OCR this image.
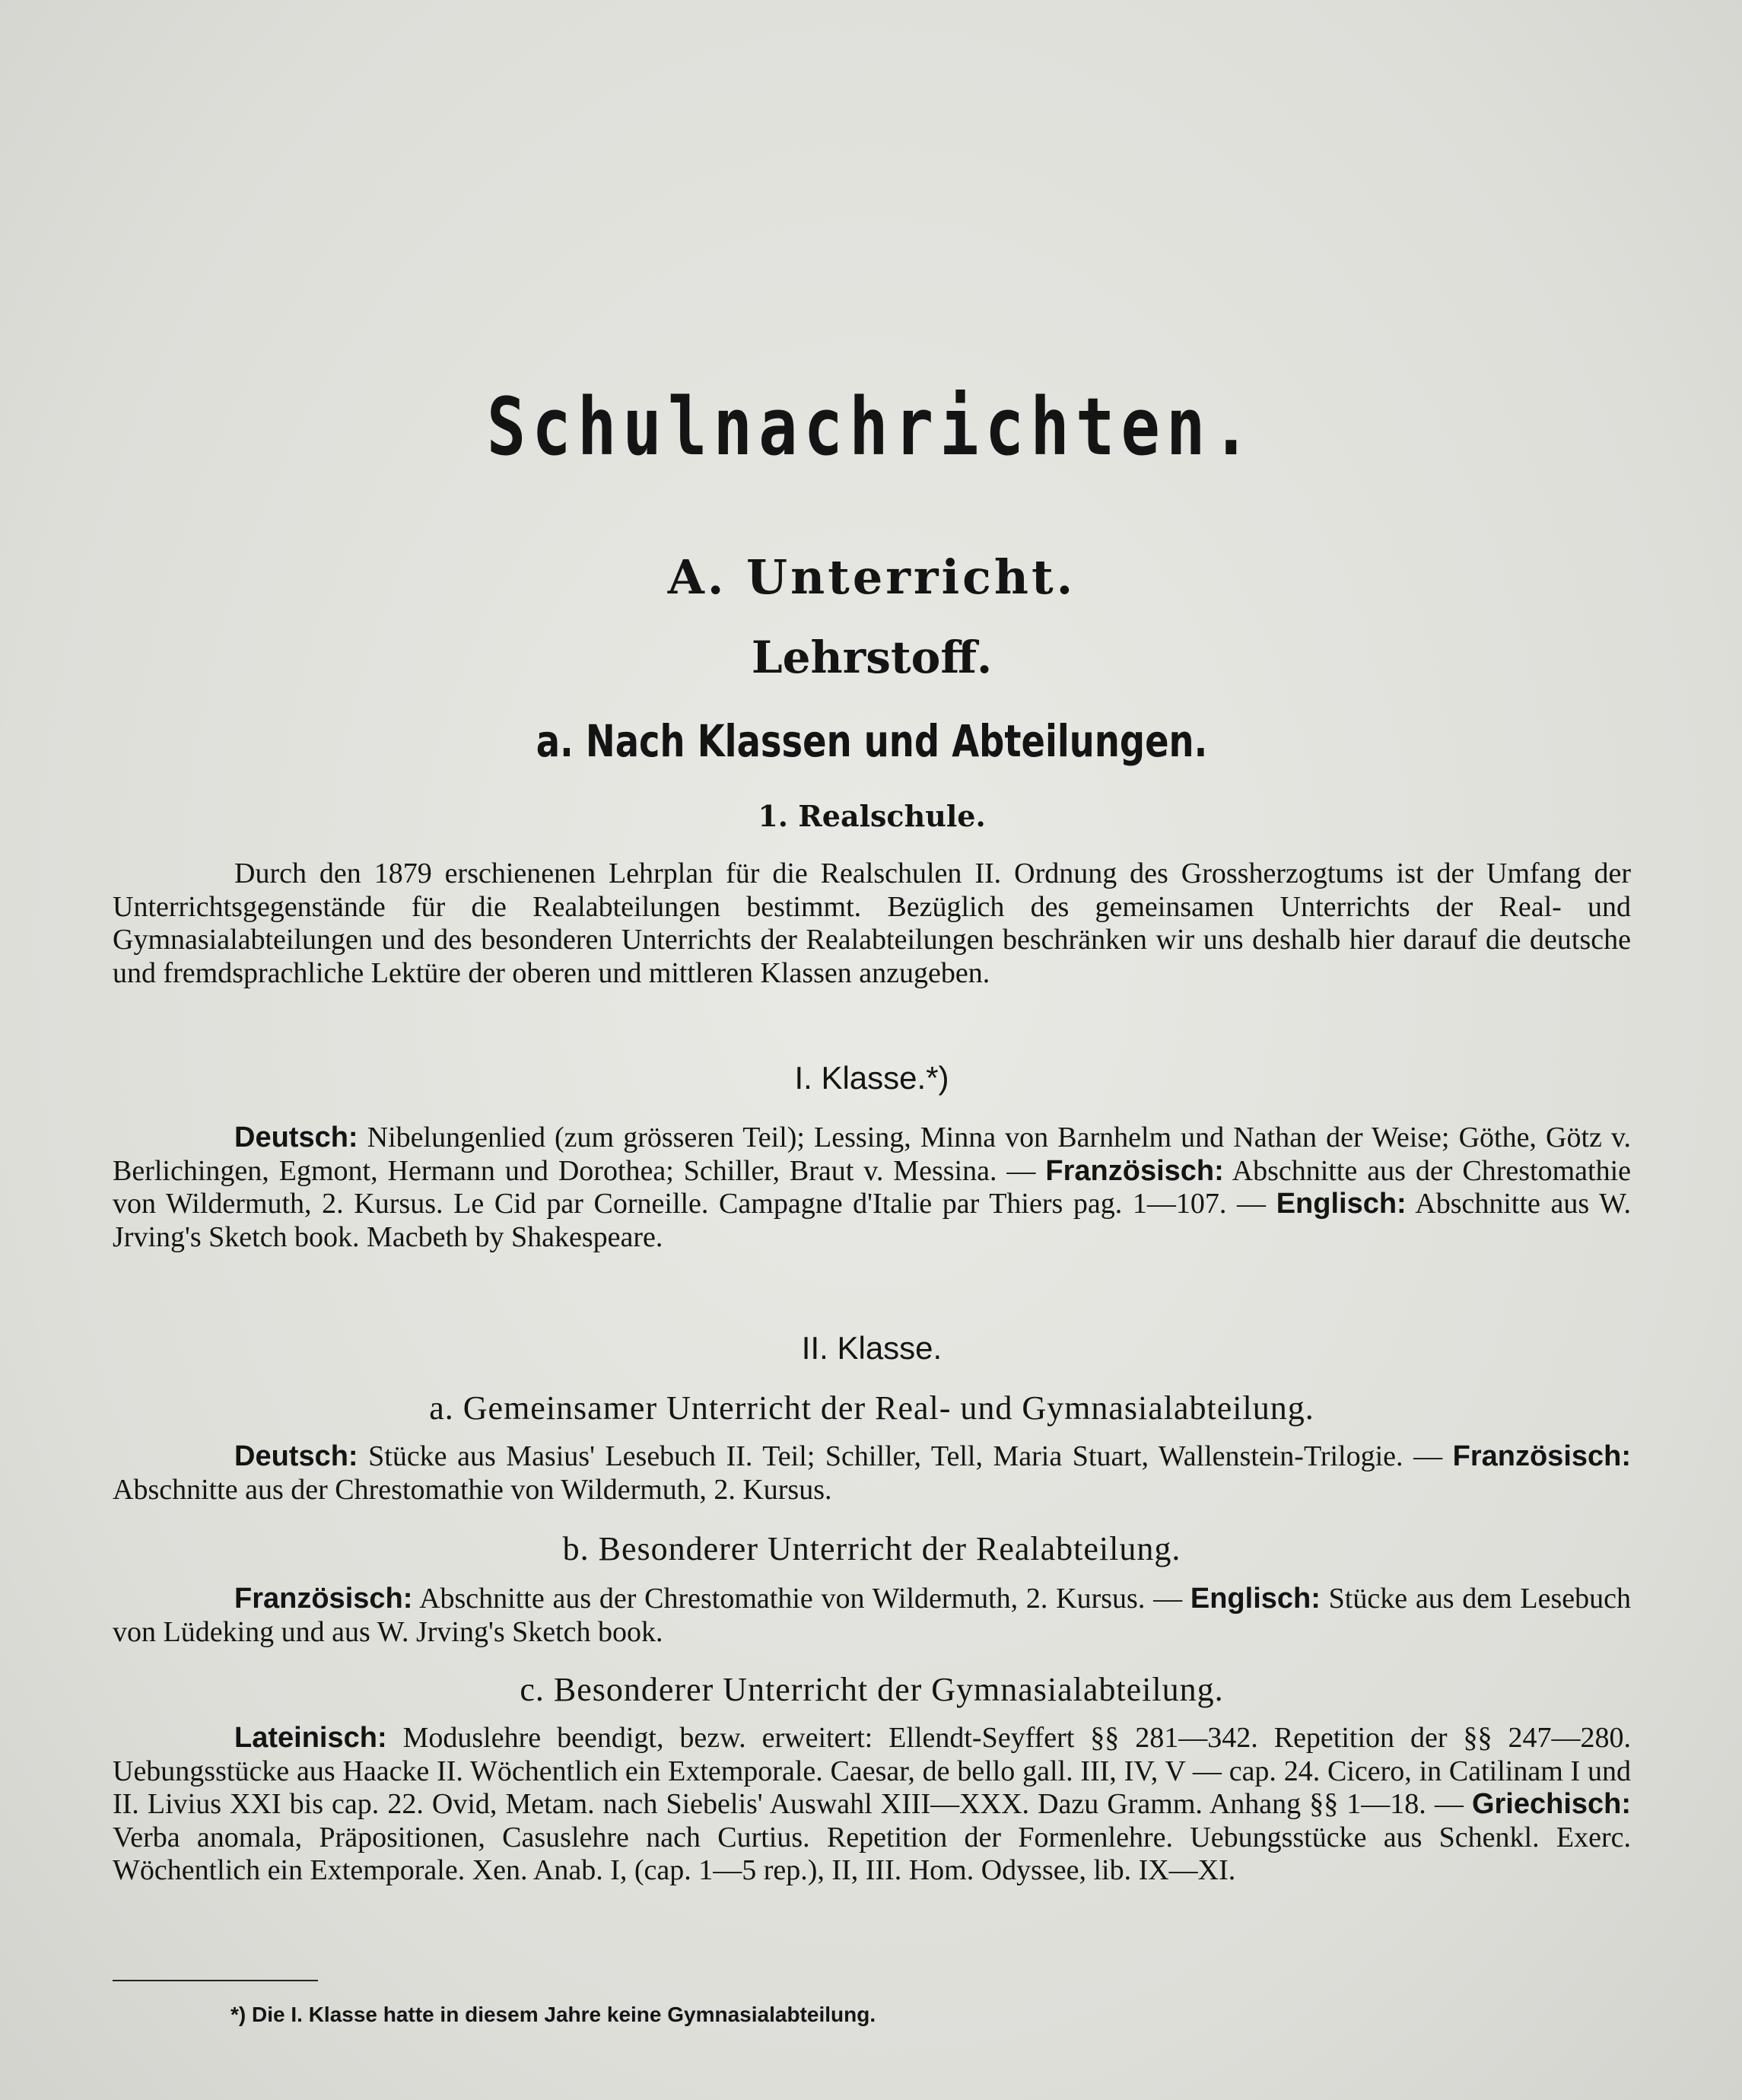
Schulnachrichten.
A. Unterricht.
Lehrstoff.
a. Nach Klassen und Abteilungen.
1. Realschule.
Durch den 1879 erschienenen Lehrplan für die Realschulen II. Ordnung des Grossherzogtums ist der Umfang der Unterrichtsgegenstände für die Realabteilungen bestimmt. Bezüglich des gemeinsamen Unterrichts der Real- und Gymnasialabteilungen und des besonderen Unterrichts der Realabteilungen beschränken wir uns deshalb hier darauf die deutsche und fremdsprachliche Lektüre der oberen und mittleren Klassen anzugeben.
I. Klasse.*)
Deutsch: Nibelungenlied (zum grösseren Teil); Lessing, Minna von Barnhelm und Nathan der Weise; Göthe, Götz v. Berlichingen, Egmont, Hermann und Dorothea; Schiller, Braut v. Messina. — Französisch: Abschnitte aus der Chrestomathie von Wildermuth, 2. Kursus. Le Cid par Corneille. Campagne d'Italie par Thiers pag. 1—107. — Englisch: Abschnitte aus W. Jrving's Sketch book. Macbeth by Shakespeare.
II. Klasse.
a. Gemeinsamer Unterricht der Real- und Gymnasialabteilung.
Deutsch: Stücke aus Masius' Lesebuch II. Teil; Schiller, Tell, Maria Stuart, Wallenstein-Trilogie. — Französisch: Abschnitte aus der Chrestomathie von Wildermuth, 2. Kursus.
b. Besonderer Unterricht der Realabteilung.
Französisch: Abschnitte aus der Chrestomathie von Wildermuth, 2. Kursus. — Englisch: Stücke aus dem Lesebuch von Lüdeking und aus W. Jrving's Sketch book.
c. Besonderer Unterricht der Gymnasialabteilung.
Lateinisch: Moduslehre beendigt, bezw. erweitert: Ellendt-Seyffert §§ 281—342. Repetition der §§ 247—280. Uebungsstücke aus Haacke II. Wöchentlich ein Extemporale. Caesar, de bello gall. III, IV, V — cap. 24. Cicero, in Catilinam I und II. Livius XXI bis cap. 22. Ovid, Metam. nach Siebelis' Auswahl XIII—XXX. Dazu Gramm. Anhang §§ 1—18. — Griechisch: Verba anomala, Präpositionen, Casuslehre nach Curtius. Repetition der Formenlehre. Uebungsstücke aus Schenkl. Exerc. Wöchentlich ein Extemporale. Xen. Anab. I, (cap. 1—5 rep.), II, III. Hom. Odyssee, lib. IX—XI.
*) Die I. Klasse hatte in diesem Jahre keine Gymnasialabteilung.
